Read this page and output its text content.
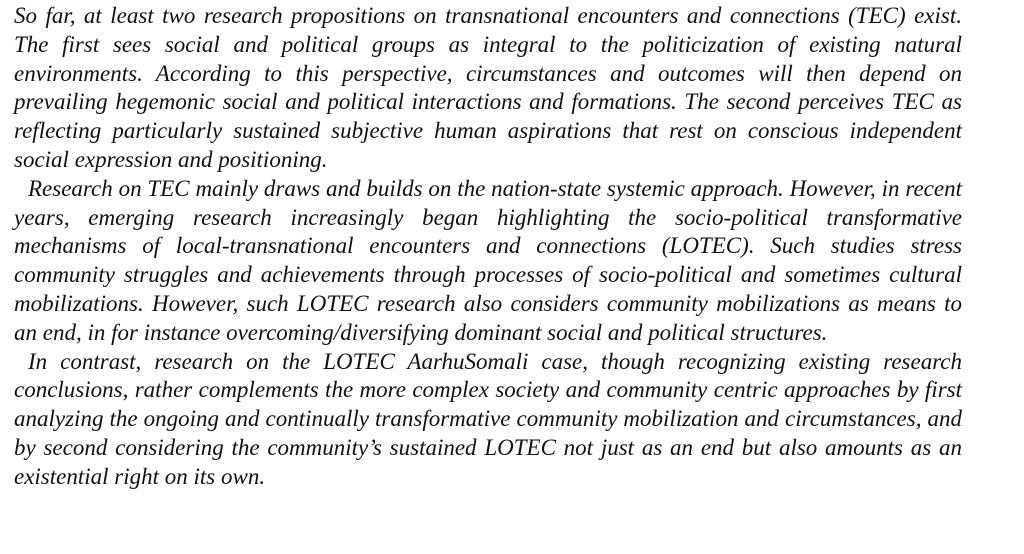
So far, at least two research propositions on transnational encounters and connections (TEC) exist. The first sees social and political groups as integral to the politicization of existing natural environments. According to this perspective, circumstances and outcomes will then depend on prevailing hegemonic social and political interactions and formations. The second perceives TEC as reflecting particularly sustained subjective human aspirations that rest on conscious independent social expression and positioning.

Research on TEC mainly draws and builds on the nation-state systemic approach. However, in recent years, emerging research increasingly began highlighting the socio-political transformative mechanisms of local-transnational encounters and connections (LOTEC). Such studies stress community struggles and achievements through processes of socio-political and sometimes cultural mobilizations. However, such LOTEC research also considers community mobilizations as means to an end, in for instance overcoming/diversifying dominant social and political structures.

In contrast, research on the LOTEC AarhuSomali case, though recognizing existing research conclusions, rather complements the more complex society and community centric approaches by first analyzing the ongoing and continually transformative community mobilization and circumstances, and by second considering the community’s sustained LOTEC not just as an end but also amounts as an existential right on its own.
